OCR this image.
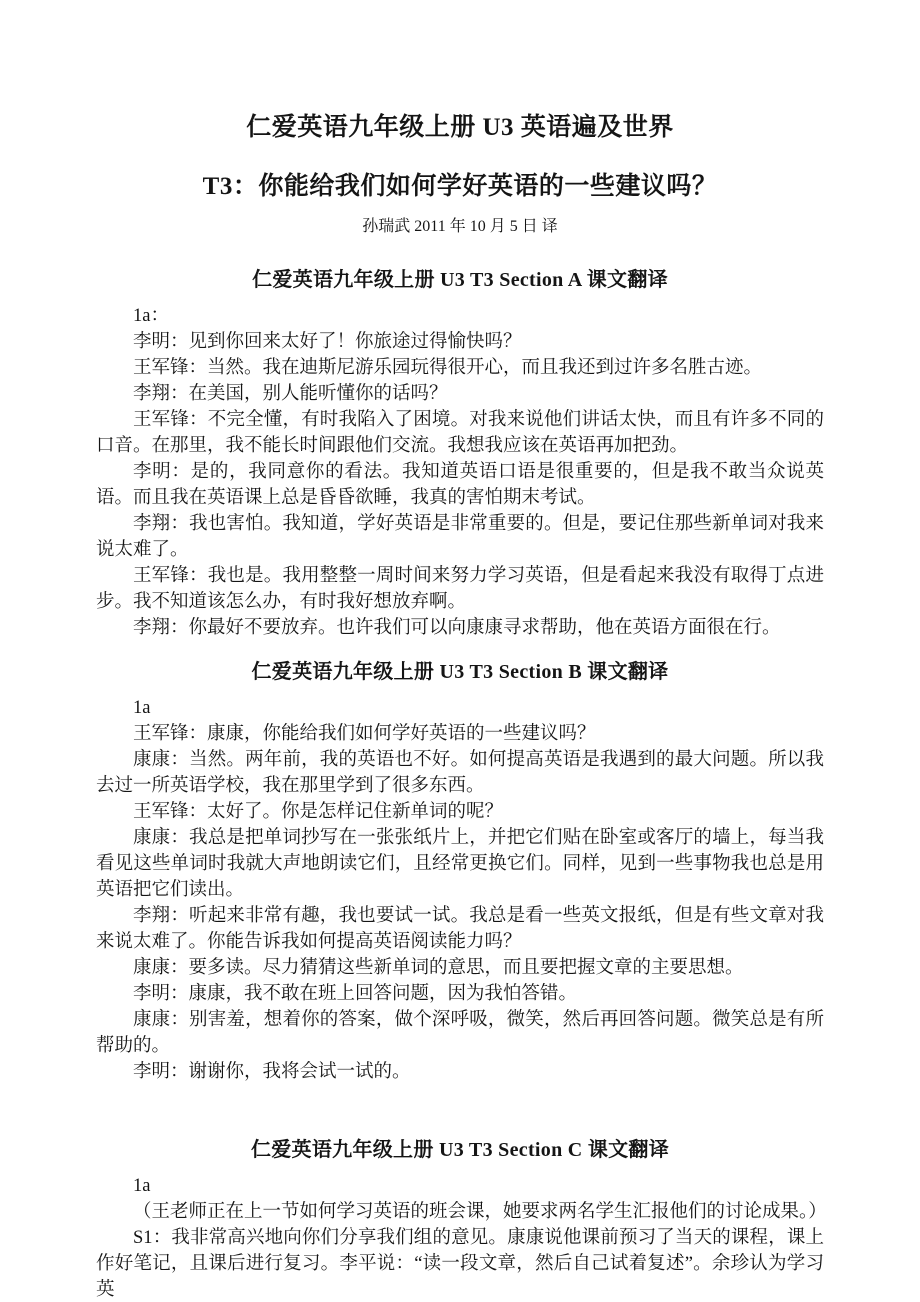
仁爱英语九年级上册 U3 英语遍及世界
T3：你能给我们如何学好英语的一些建议吗？

孙瑞武 2011 年 10 月 5 日 译

仁爱英语九年级上册 U3 T3 Section A 课文翻译

1a：

李明：见到你回来太好了！你旅途过得愉快吗？

王军锋：当然。我在迪斯尼游乐园玩得很开心，而且我还到过许多名胜古迹。

李翔：在美国，别人能听懂你的话吗？

王军锋：不完全懂，有时我陷入了困境。对我来说他们讲话太快，而且有许多不同的口音。在那里，我不能长时间跟他们交流。我想我应该在英语再加把劲。

李明：是的，我同意你的看法。我知道英语口语是很重要的，但是我不敢当众说英语。而且我在英语课上总是昏昏欲睡，我真的害怕期末考试。

李翔：我也害怕。我知道，学好英语是非常重要的。但是，要记住那些新单词对我来说太难了。

王军锋：我也是。我用整整一周时间来努力学习英语，但是看起来我没有取得丁点进步。我不知道该怎么办，有时我好想放弃啊。

李翔：你最好不要放弃。也许我们可以向康康寻求帮助，他在英语方面很在行。

仁爱英语九年级上册 U3 T3 Section B 课文翻译

1a

王军锋：康康，你能给我们如何学好英语的一些建议吗？

康康：当然。两年前，我的英语也不好。如何提高英语是我遇到的最大问题。所以我去过一所英语学校，我在那里学到了很多东西。

王军锋：太好了。你是怎样记住新单词的呢？

康康：我总是把单词抄写在一张张纸片上，并把它们贴在卧室或客厅的墙上，每当我看见这些单词时我就大声地朗读它们，且经常更换它们。同样，见到一些事物我也总是用英语把它们读出。

李翔：听起来非常有趣，我也要试一试。我总是看一些英文报纸，但是有些文章对我来说太难了。你能告诉我如何提高英语阅读能力吗？

康康：要多读。尽力猜猜这些新单词的意思，而且要把握文章的主要思想。

李明：康康，我不敢在班上回答问题，因为我怕答错。

康康：别害羞，想着你的答案，做个深呼吸，微笑，然后再回答问题。微笑总是有所帮助的。

李明：谢谢你，我将会试一试的。

仁爱英语九年级上册 U3 T3 Section C 课文翻译

1a

（王老师正在上一节如何学习英语的班会课，她要求两名学生汇报他们的讨论成果。）

S1：我非常高兴地向你们分享我们组的意见。康康说他课前预习了当天的课程，课上作好笔记，且课后进行复习。李平说：“读一段文章，然后自己试着复述”。余珍认为学习英
